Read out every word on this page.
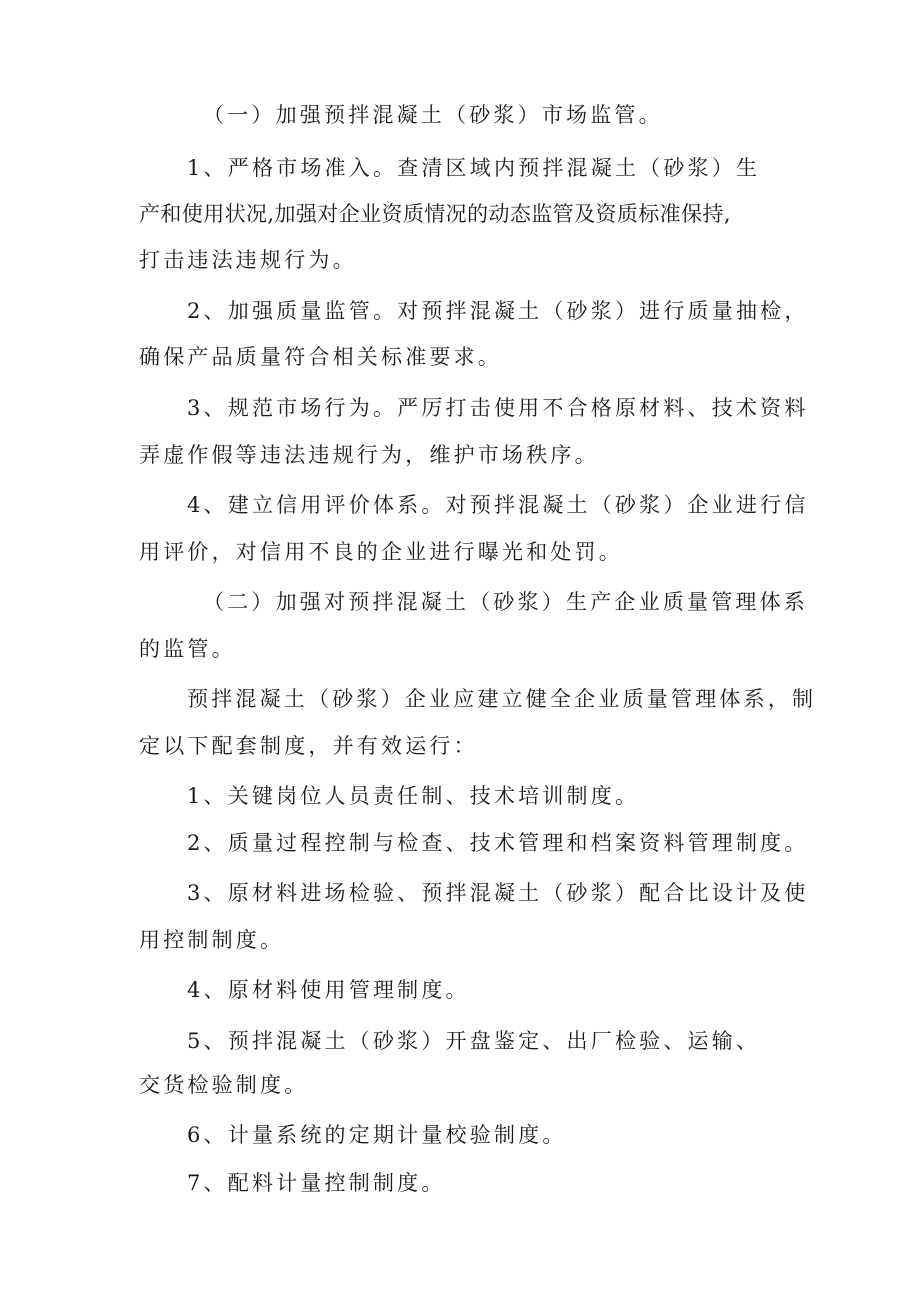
（一）加强预拌混凝土（砂浆）市场监管。
1、严格市场准入。查清区域内预拌混凝土（砂浆）生
产和使用状况,加强对企业资质情况的动态监管及资质标准保持,
打击违法违规行为。
2、加强质量监管。对预拌混凝土（砂浆）进行质量抽检，
确保产品质量符合相关标准要求。
3、规范市场行为。严厉打击使用不合格原材料、技术资料
弄虚作假等违法违规行为，维护市场秩序。
4、建立信用评价体系。对预拌混凝土（砂浆）企业进行信
用评价，对信用不良的企业进行曝光和处罚。
（二）加强对预拌混凝土（砂浆）生产企业质量管理体系
的监管。
预拌混凝土（砂浆）企业应建立健全企业质量管理体系，制
定以下配套制度，并有效运行：
1、关键岗位人员责任制、技术培训制度。
2、质量过程控制与检查、技术管理和档案资料管理制度。
3、原材料进场检验、预拌混凝土（砂浆）配合比设计及使
用控制制度。
4、原材料使用管理制度。
5、预拌混凝土（砂浆）开盘鉴定、出厂检验、运输、
交货检验制度。
6、计量系统的定期计量校验制度。
7、配料计量控制制度。
